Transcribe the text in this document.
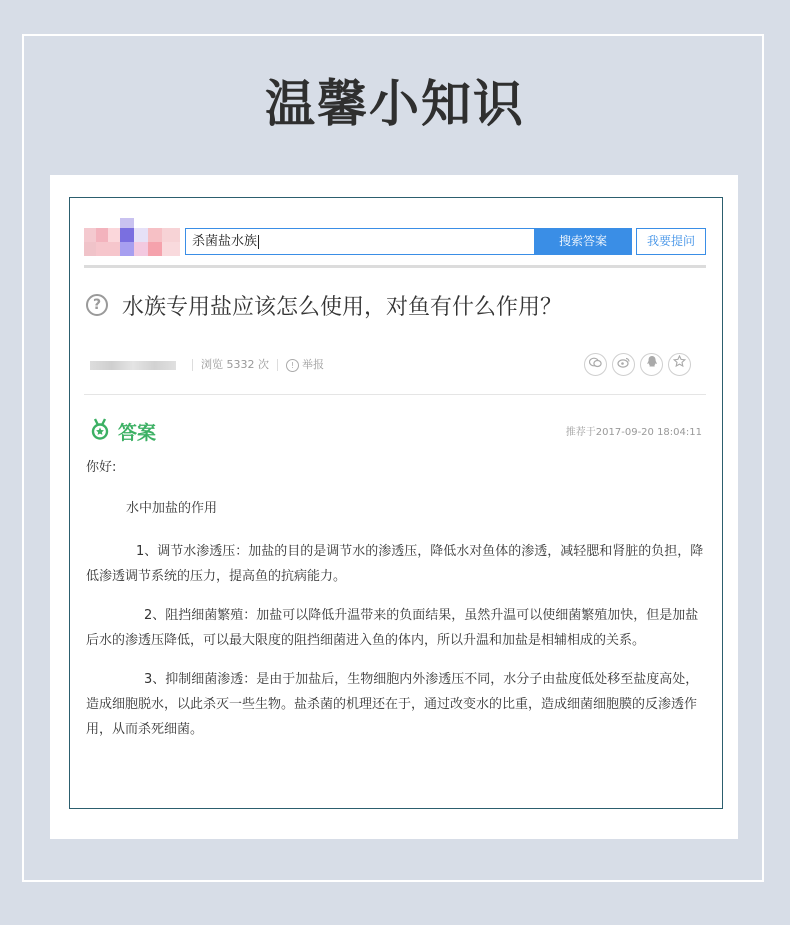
温馨小知识
杀菌盐水族	搜索答案	我要提问
? 水族专用盐应该怎么使用，对鱼有什么作用？
浏览 5332 次	! 举报
答案	推荐于2017-09-20 18:04:11

你好:

水中加盐的作用

1、调节水渗透压：加盐的目的是调节水的渗透压，降低水对鱼体的渗透，减轻腮和肾脏的负担，降低渗透调节系统的压力，提高鱼的抗病能力。

2、阻挡细菌繁殖：加盐可以降低升温带来的负面结果，虽然升温可以使细菌繁殖加快，但是加盐后水的渗透压降低，可以最大限度的阻挡细菌进入鱼的体内，所以升温和加盐是相辅相成的关系。

3、抑制细菌渗透：是由于加盐后，生物细胞内外渗透压不同，水分子由盐度低处移至盐度高处，造成细胞脱水，以此杀灭一些生物。盐杀菌的机理还在于，通过改变水的比重，造成细菌细胞膜的反渗透作用，从而杀死细菌。
